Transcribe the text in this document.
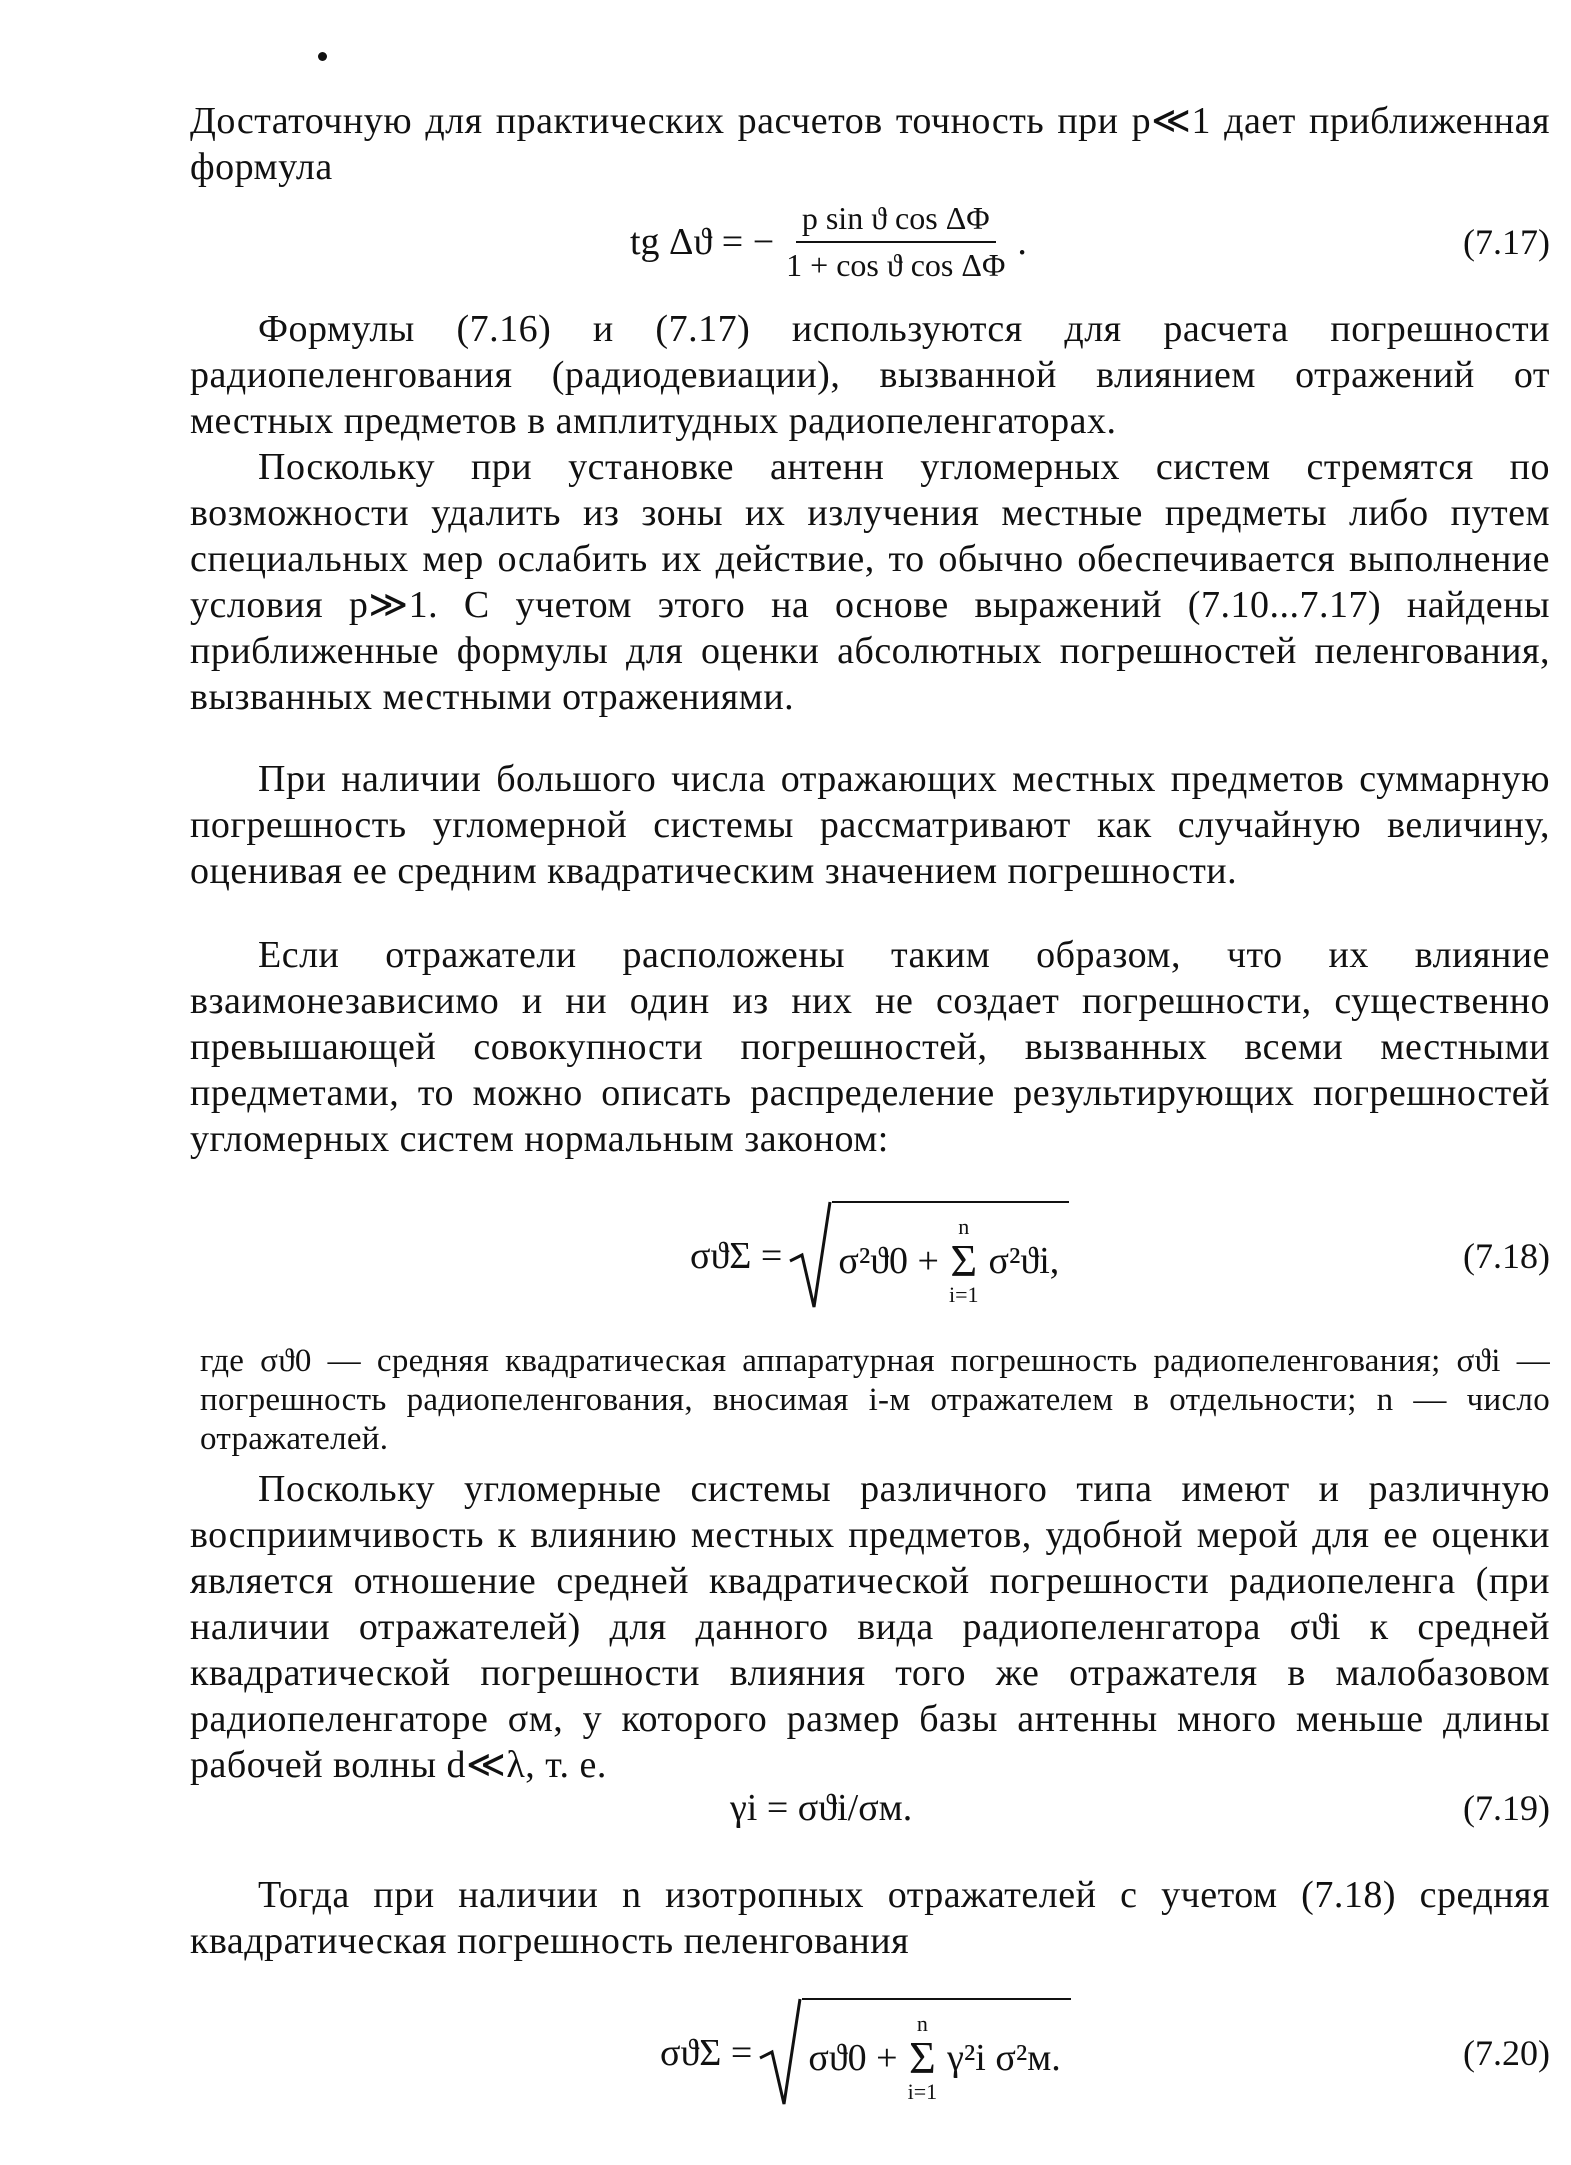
Достаточную для практических расчетов точность при p≪1 дает приближенная формула
tg Δϑ = − $\frac{\text{p sin ϑ cos ΔΦ}}{\text{1 + cos ϑ cos ΔΦ}}$ .	(7.17)
Формулы (7.16) и (7.17) используются для расчета погрешности радиопеленгования (радиодевиации), вызванной влиянием отражений от местных предметов в амплитудных радиопеленгаторах.
Поскольку при установке антенн угломерных систем стремятся по возможности удалить из зоны их излучения местные предметы либо путем специальных мер ослабить их действие, то обычно обеспечивается выполнение условия p≫1. С учетом этого на основе выражений (7.10...7.17) найдены приближенные формулы для оценки абсолютных погрешностей пеленгования, вызванных местными отражениями.
При наличии большого числа отражающих местных предметов суммарную погрешность угломерной системы рассматривают как случайную величину, оценивая ее средним квадратическим значением погрешности.
Если отражатели расположены таким образом, что их влияние взаимонезависимо и ни один из них не создает погрешности, существенно превышающей совокупности погрешностей, вызванных всеми местными предметами, то можно описать распределение результирующих погрешностей угломерных систем нормальным законом:
σϑΣ = σ²ϑ0 +
n
Σ
i=1
σ²ϑi ,	(7.18)
где σϑ0 — средняя квадратическая аппаратурная погрешность радиопеленгования; σϑi — погрешность радиопеленгования, вносимая i-м отражателем в отдельности; n — число отражателей.
Поскольку угломерные системы различного типа имеют и различную восприимчивость к влиянию местных предметов, удобной мерой для ее оценки является отношение средней квадратической погрешности радиопеленга (при наличии отражателей) для данного вида радиопеленгатора σϑi к средней квадратической погрешности влияния того же отражателя в малобазовом радиопеленгаторе σм, у которого размер базы антенны много меньше длины рабочей волны d≪λ, т. е.
γi = σϑi/σм.	(7.19)
Тогда при наличии n изотропных отражателей с учетом (7.18) средняя квадратическая погрешность пеленгования
σϑΣ = σϑ0 +
n
Σ
i=1
γ²i σ²м.	(7.20)
